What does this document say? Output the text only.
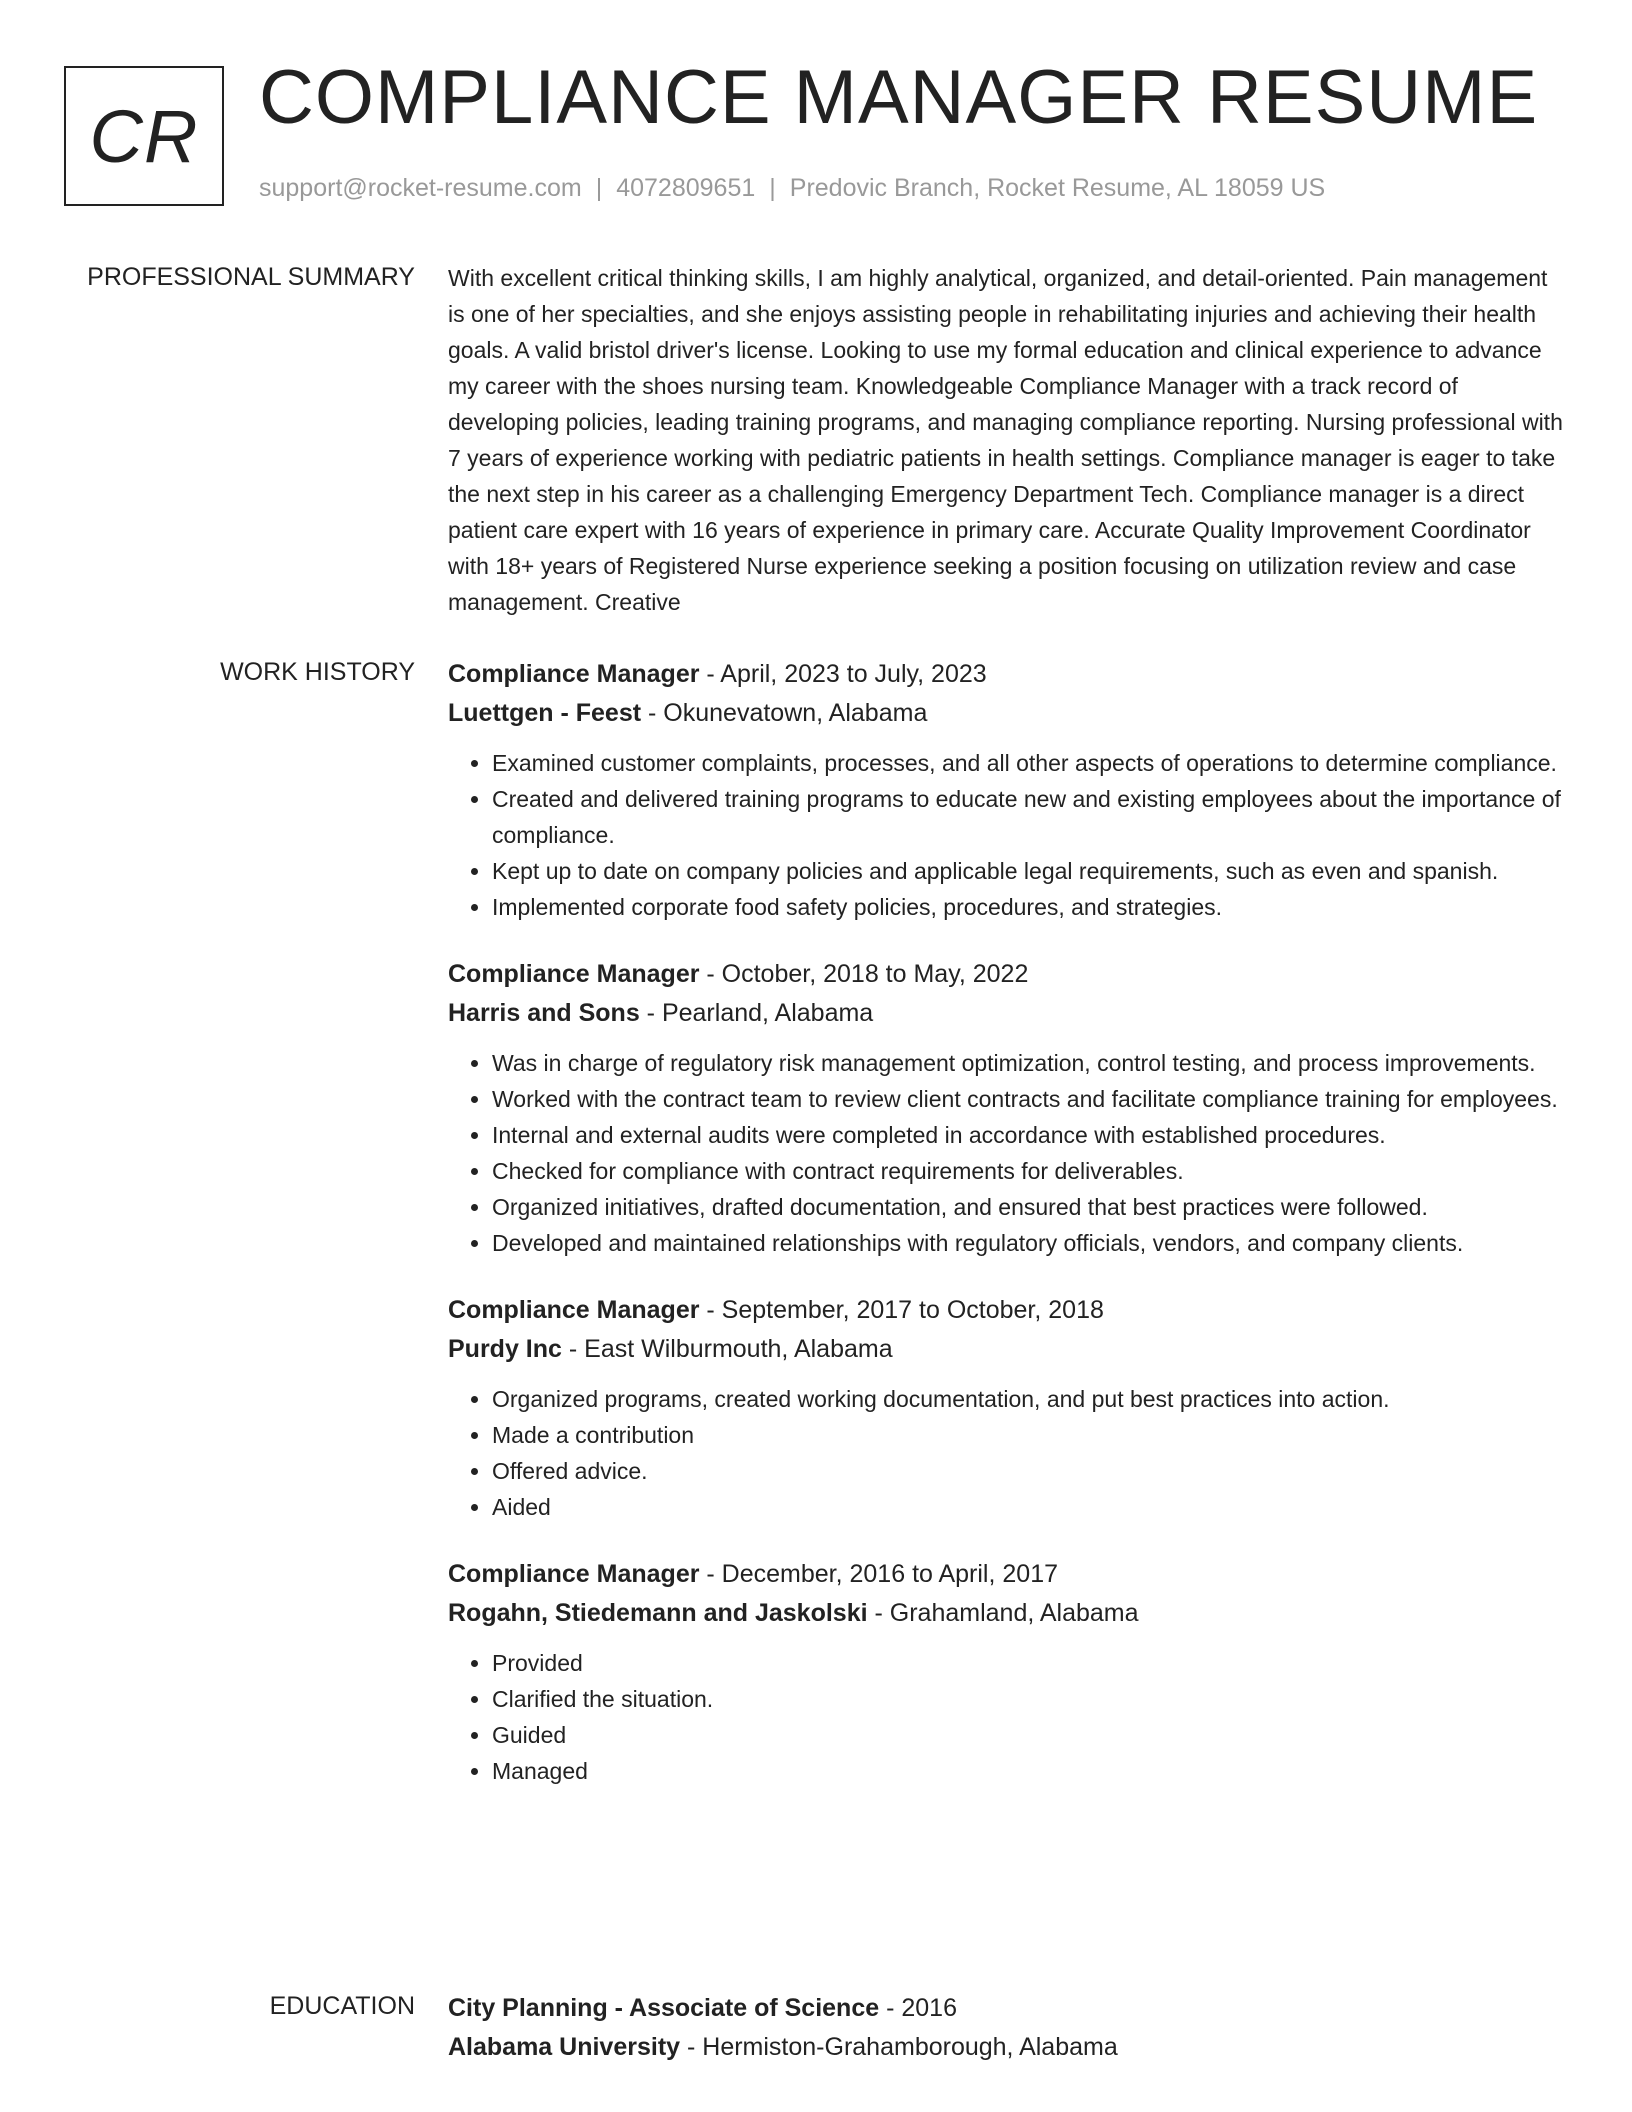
CR COMPLIANCE MANAGER RESUME
support@rocket-resume.com | 4072809651 | Predovic Branch, Rocket Resume, AL 18059 US
PROFESSIONAL SUMMARY With excellent critical thinking skills, I am highly analytical, organized, and detail-oriented. Pain management is one of her specialties, and she enjoys assisting people in rehabilitating injuries and achieving their health goals. A valid bristol driver's license. Looking to use my formal education and clinical experience to advance my career with the shoes nursing team. Knowledgeable Compliance Manager with a track record of developing policies, leading training programs, and managing compliance reporting. Nursing professional with 7 years of experience working with pediatric patients in health settings. Compliance manager is eager to take the next step in his career as a challenging Emergency Department Tech. Compliance manager is a direct patient care expert with 16 years of experience in primary care. Accurate Quality Improvement Coordinator with 18+ years of Registered Nurse experience seeking a position focusing on utilization review and case management. Creative

WORK HISTORY Compliance Manager - April, 2023 to July, 2023
Luettgen - Feest - Okunevatown, Alabama
• Examined customer complaints, processes, and all other aspects of operations to determine compliance.
• Created and delivered training programs to educate new and existing employees about the importance of compliance.
• Kept up to date on company policies and applicable legal requirements, such as even and spanish.
• Implemented corporate food safety policies, procedures, and strategies.
Compliance Manager - October, 2018 to May, 2022
Harris and Sons - Pearland, Alabama
• Was in charge of regulatory risk management optimization, control testing, and process improvements.
• Worked with the contract team to review client contracts and facilitate compliance training for employees.
• Internal and external audits were completed in accordance with established procedures.
• Checked for compliance with contract requirements for deliverables.
• Organized initiatives, drafted documentation, and ensured that best practices were followed.
• Developed and maintained relationships with regulatory officials, vendors, and company clients.
Compliance Manager - September, 2017 to October, 2018
Purdy Inc - East Wilburmouth, Alabama
• Organized programs, created working documentation, and put best practices into action.
• Made a contribution
• Offered advice.
• Aided
Compliance Manager - December, 2016 to April, 2017
Rogahn, Stiedemann and Jaskolski - Grahamland, Alabama
• Provided
• Clarified the situation.
• Guided
• Managed
EDUCATION City Planning - Associate of Science - 2016
Alabama University - Hermiston-Grahamborough, Alabama
